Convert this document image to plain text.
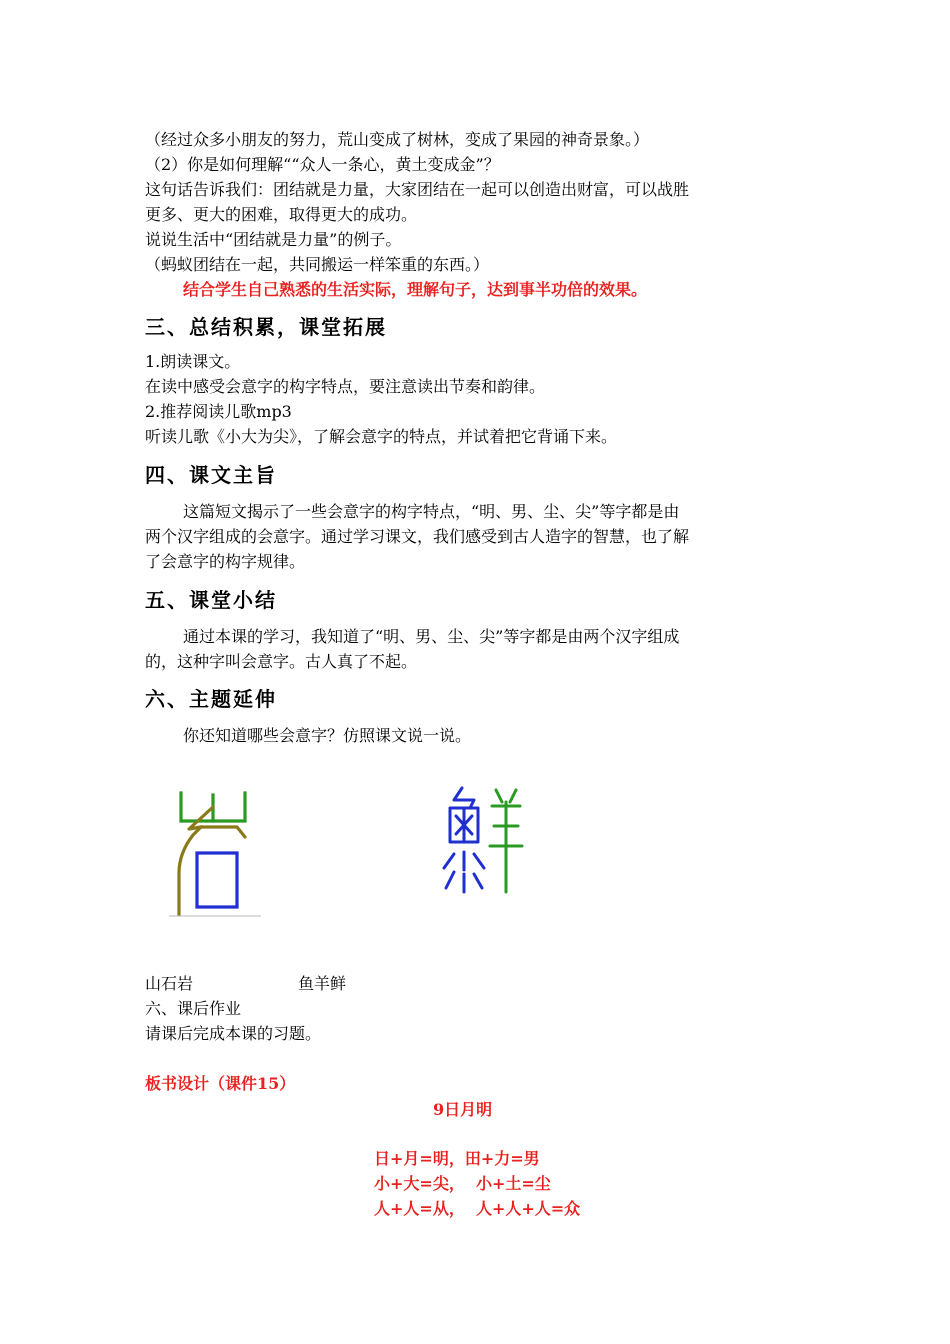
（经过众多小朋友的努力，荒山变成了树林，变成了果园的神奇景象。）
（2）你是如何理解““众人一条心，黄土变成金”？
这句话告诉我们：团结就是力量，大家团结在一起可以创造出财富，可以战胜
更多、更大的困难，取得更大的成功。
说说生活中“团结就是力量”的例子。
（蚂蚁团结在一起，共同搬运一样笨重的东西。）
结合学生自己熟悉的生活实际，理解句子，达到事半功倍的效果。
三、总结积累，课堂拓展
1.朗读课文。
在读中感受会意字的构字特点，要注意读出节奏和韵律。
2.推荐阅读儿歌mp3
听读儿歌《小大为尖》，了解会意字的特点，并试着把它背诵下来。
四、课文主旨
这篇短文揭示了一些会意字的构字特点，“明、男、尘、尖”等字都是由
两个汉字组成的会意字。通过学习课文，我们感受到古人造字的智慧，也了解
了会意字的构字规律。
五、课堂小结
通过本课的学习，我知道了“明、男、尘、尖”等字都是由两个汉字组成
的，这种字叫会意字。古人真了不起。
六、主题延伸
你还知道哪些会意字？仿照课文说一说。
山石岩	鱼羊鲜
六、课后作业
请课后完成本课的习题。
板书设计（课件15）
9日月明
日+月=明，田+力=男
小+大=尖，  小+土=尘
人+人=从，  人+人+人=众
